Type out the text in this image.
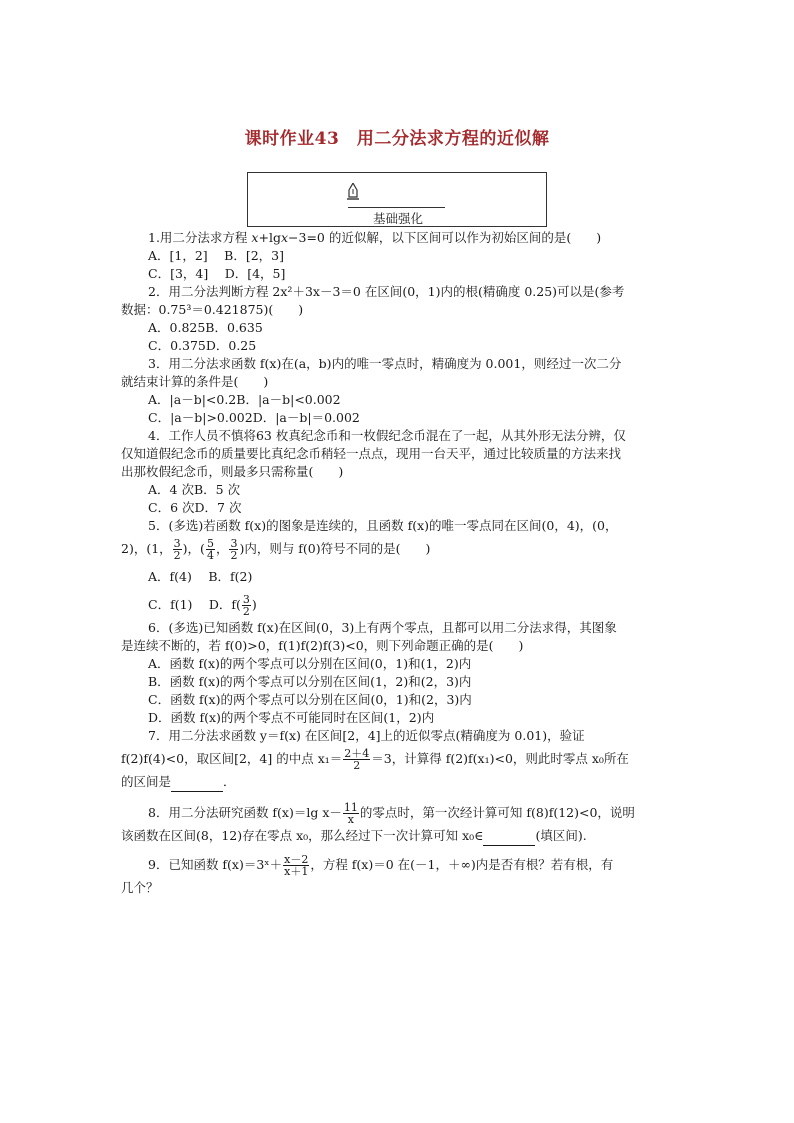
课时作业43　用二分法求方程的近似解
基础强化
1.用二分法求方程 x+lgx−3=0 的近似解，以下区间可以作为初始区间的是(　　)
A．[1，2]　 B．[2，3]
C．[3，4]　 D．[4，5]
2．用二分法判断方程 2x²＋3x－3＝0 在区间(0，1)内的根(精确度 0.25)可以是(参考
数据：0.75³＝0.421875)(　　)
A．0.825B．0.635
C．0.375D．0.25
3．用二分法求函数 f(x)在(a，b)内的唯一零点时，精确度为 0.001，则经过一次二分
就结束计算的条件是(　　)
A．|a－b|<0.2B．|a－b|<0.002
C．|a－b|>0.002D．|a－b|＝0.002
4．工作人员不慎将63 枚真纪念币和一枚假纪念币混在了一起，从其外形无法分辨，仅
仅知道假纪念币的质量要比真纪念币稍轻一点点，现用一台天平，通过比较质量的方法来找
出那枚假纪念币，则最多只需称量(　　)
A．4 次B．5 次
C．6 次D．7 次
5．(多选)若函数 f(x)的图象是连续的，且函数 f(x)的唯一零点同在区间(0，4)，(0，
2)，(1， $\frac{3}{2}$ )，( $\frac{5}{4}$ ， $\frac{3}{2}$ )内，则与 f(0)符号不同的是(　　)
A．f(4)　 B．f(2)
C．f(1)　 D．$f( \frac{3}{2}$ )
6．(多选)已知函数 f(x)在区间(0，3)上有两个零点，且都可以用二分法求得，其图象
是连续不断的，若 f(0)>0，f(1)f(2)f(3)<0，则下列命题正确的是(　　)
A．函数 f(x)的两个零点可以分别在区间(0，1)和(1，2)内
B．函数 f(x)的两个零点可以分别在区间(1，2)和(2，3)内
C．函数 f(x)的两个零点可以分别在区间(0，1)和(2，3)内
D．函数 f(x)的两个零点不可能同时在区间(1，2)内
7．用二分法求函数 y＝f(x) 在区间[2，4]上的近似零点(精确度为 0.01)，验证
f(2)f(4)<0，取区间[2，4] 的中点 $x_1= \frac{2+4}{2} =3$，计算得 f(2)f(x₁)<0，则此时零点 x₀所在
的区间是	．
8．用二分法研究函数 f(x)＝lg $x- \frac{11}{x}$ 的零点时，第一次经计算可知 f(8)f(12)<0，说明
该函数在区间(8，12)存在零点 x₀，那么经过下一次计算可知 x₀∈	(填区间).
9．已知函数 f(x)＝3ˣ＋ $\frac{x-2}{x+1}$ ，方程 f(x)＝0 在(－1，＋∞)内是否有根？若有根，有
几个？
